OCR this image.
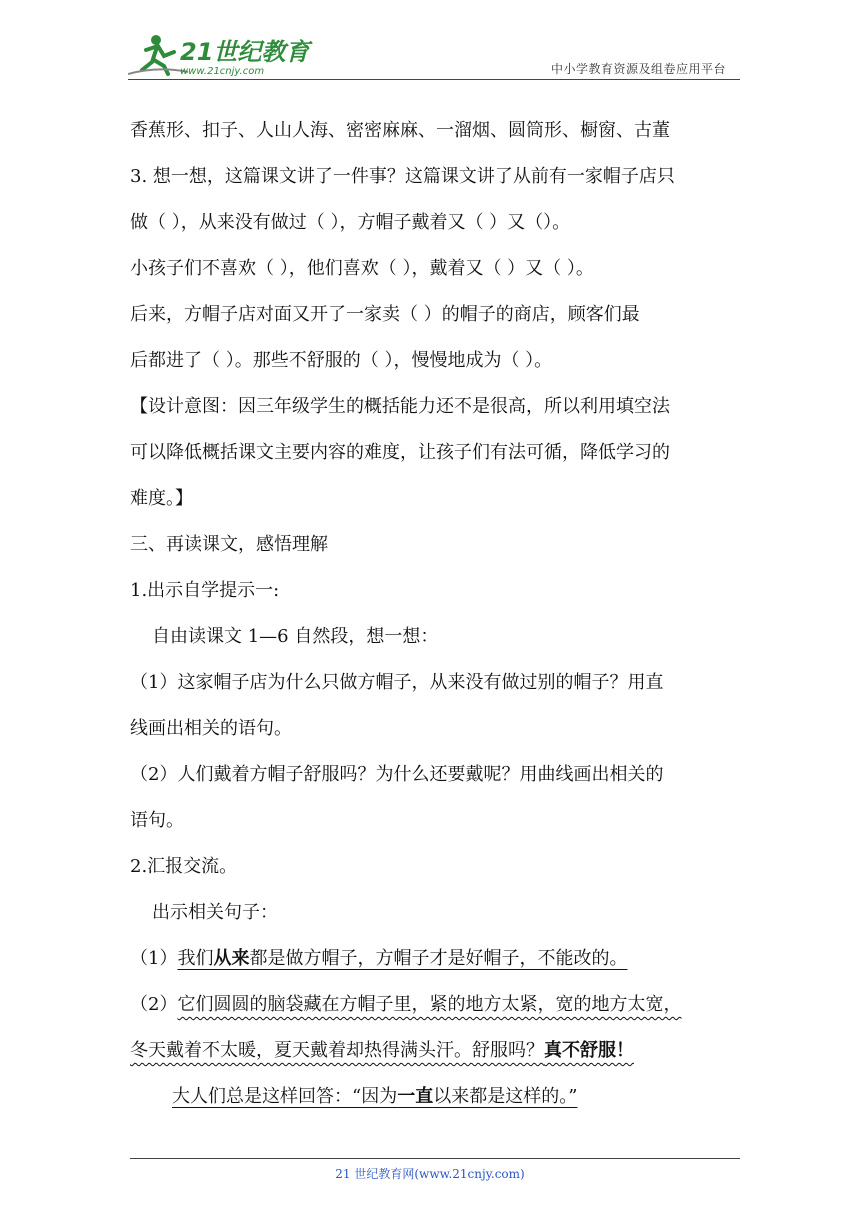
21世纪教育
www.21cnjy.com	中小学教育资源及组卷应用平台

香蕉形、扣子、人山人海、密密麻麻、一溜烟、圆筒形、橱窗、古董

3. 想一想，这篇课文讲了一件事？这篇课文讲了从前有一家帽子店只

做（ ），从来没有做过（ ），方帽子戴着又（ ）又（）。

小孩子们不喜欢（ ），他们喜欢（ ），戴着又（ ）又（ ）。

后来，方帽子店对面又开了一家卖（ ）的帽子的商店，顾客们最

后都进了（ ）。那些不舒服的（ ），慢慢地成为（ ）。

【设计意图：因三年级学生的概括能力还不是很高，所以利用填空法

可以降低概括课文主要内容的难度，让孩子们有法可循，降低学习的

难度。】

三、再读课文，感悟理解

1.出示自学提示一:

自由读课文 1—6 自然段，想一想：

（1）这家帽子店为什么只做方帽子，从来没有做过别的帽子？用直

线画出相关的语句。

（2）人们戴着方帽子舒服吗？为什么还要戴呢？用曲线画出相关的

语句。

2.汇报交流。

出示相关句子：

（1）我们从来都是做方帽子，方帽子才是好帽子，不能改的。

（2）它们圆圆的脑袋藏在方帽子里，紧的地方太紧，宽的地方太宽，

冬天戴着不太暖，夏天戴着却热得满头汗。舒服吗？真不舒服！

大人们总是这样回答：“因为一直以来都是这样的。”

21 世纪教育网(www.21cnjy.com)
